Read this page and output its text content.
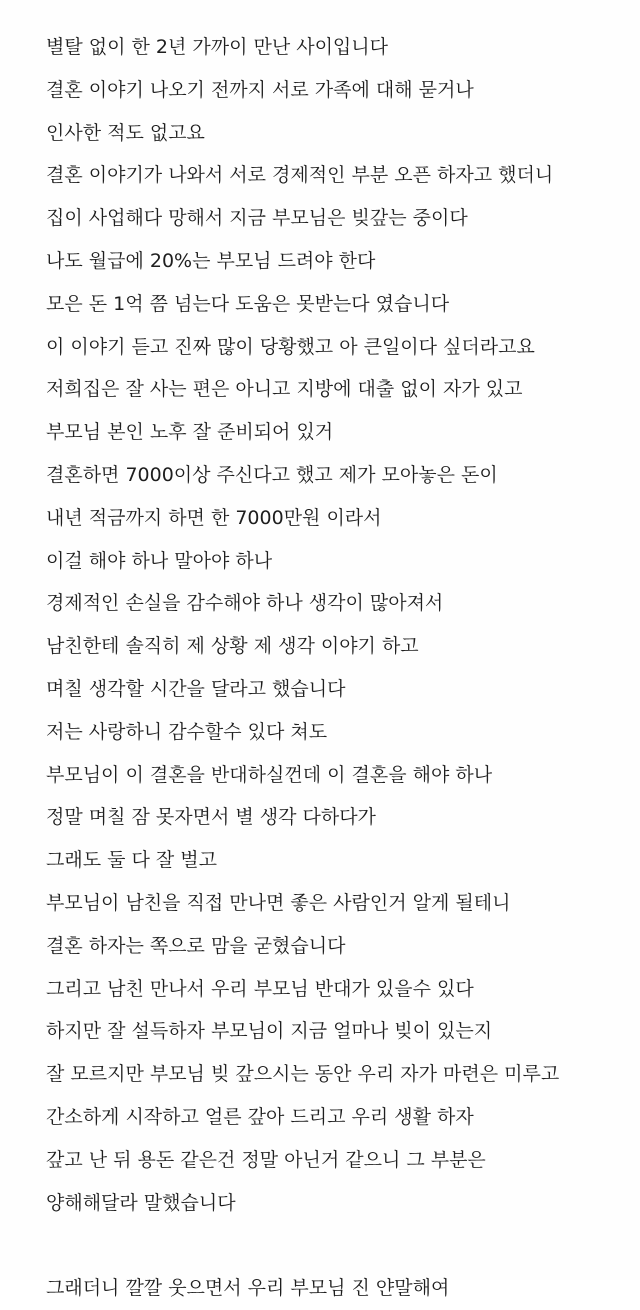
별탈 없이 한 2년 가까이 만난 사이입니다
결혼 이야기 나오기 전까지 서로 가족에 대해 묻거나
인사한 적도 없고요
결혼 이야기가 나와서 서로 경제적인 부분 오픈 하자고 했더니
집이 사업해다 망해서 지금 부모님은 빚갚는 중이다
나도 월급에 20%는 부모님 드려야 한다
모은 돈 1억 쯤 넘는다 도움은 못받는다 였습니다
이 이야기 듣고 진짜 많이 당황했고 아 큰일이다 싶더라고요
저희집은 잘 사는 편은 아니고 지방에 대출 없이 자가 있고
부모님 본인 노후 잘 준비되어 있거
결혼하면 7000이상 주신다고 했고 제가 모아놓은 돈이
내년 적금까지 하면 한 7000만원 이라서
이걸 해야 하나 말아야 하나
경제적인 손실을 감수해야 하나 생각이 많아져서
남친한테 솔직히 제 상황 제 생각 이야기 하고
며칠 생각할 시간을 달라고 했습니다
저는 사랑하니 감수할수 있다 쳐도
부모님이 이 결혼을 반대하실껀데 이 결혼을 해야 하나
정말 며칠 잠 못자면서 별 생각 다하다가
그래도 둘 다 잘 벌고
부모님이 남친을 직접 만나면 좋은 사람인거 알게 될테니
결혼 하자는 쪽으로 맘을 굳혔습니다
그리고 남친 만나서 우리 부모님 반대가 있을수 있다
하지만 잘 설득하자 부모님이 지금 얼마나 빚이 있는지
잘 모르지만 부모님 빚 갚으시는 동안 우리 자가 마련은 미루고
간소하게 시작하고 얼른 갚아 드리고 우리 생활 하자
갚고 난 뒤 용돈 같은건 정말 아닌거 같으니 그 부분은
양해해달라 말했습니다
그래더니 깔깔 웃으면서 우리 부모님 진 얀말해여
